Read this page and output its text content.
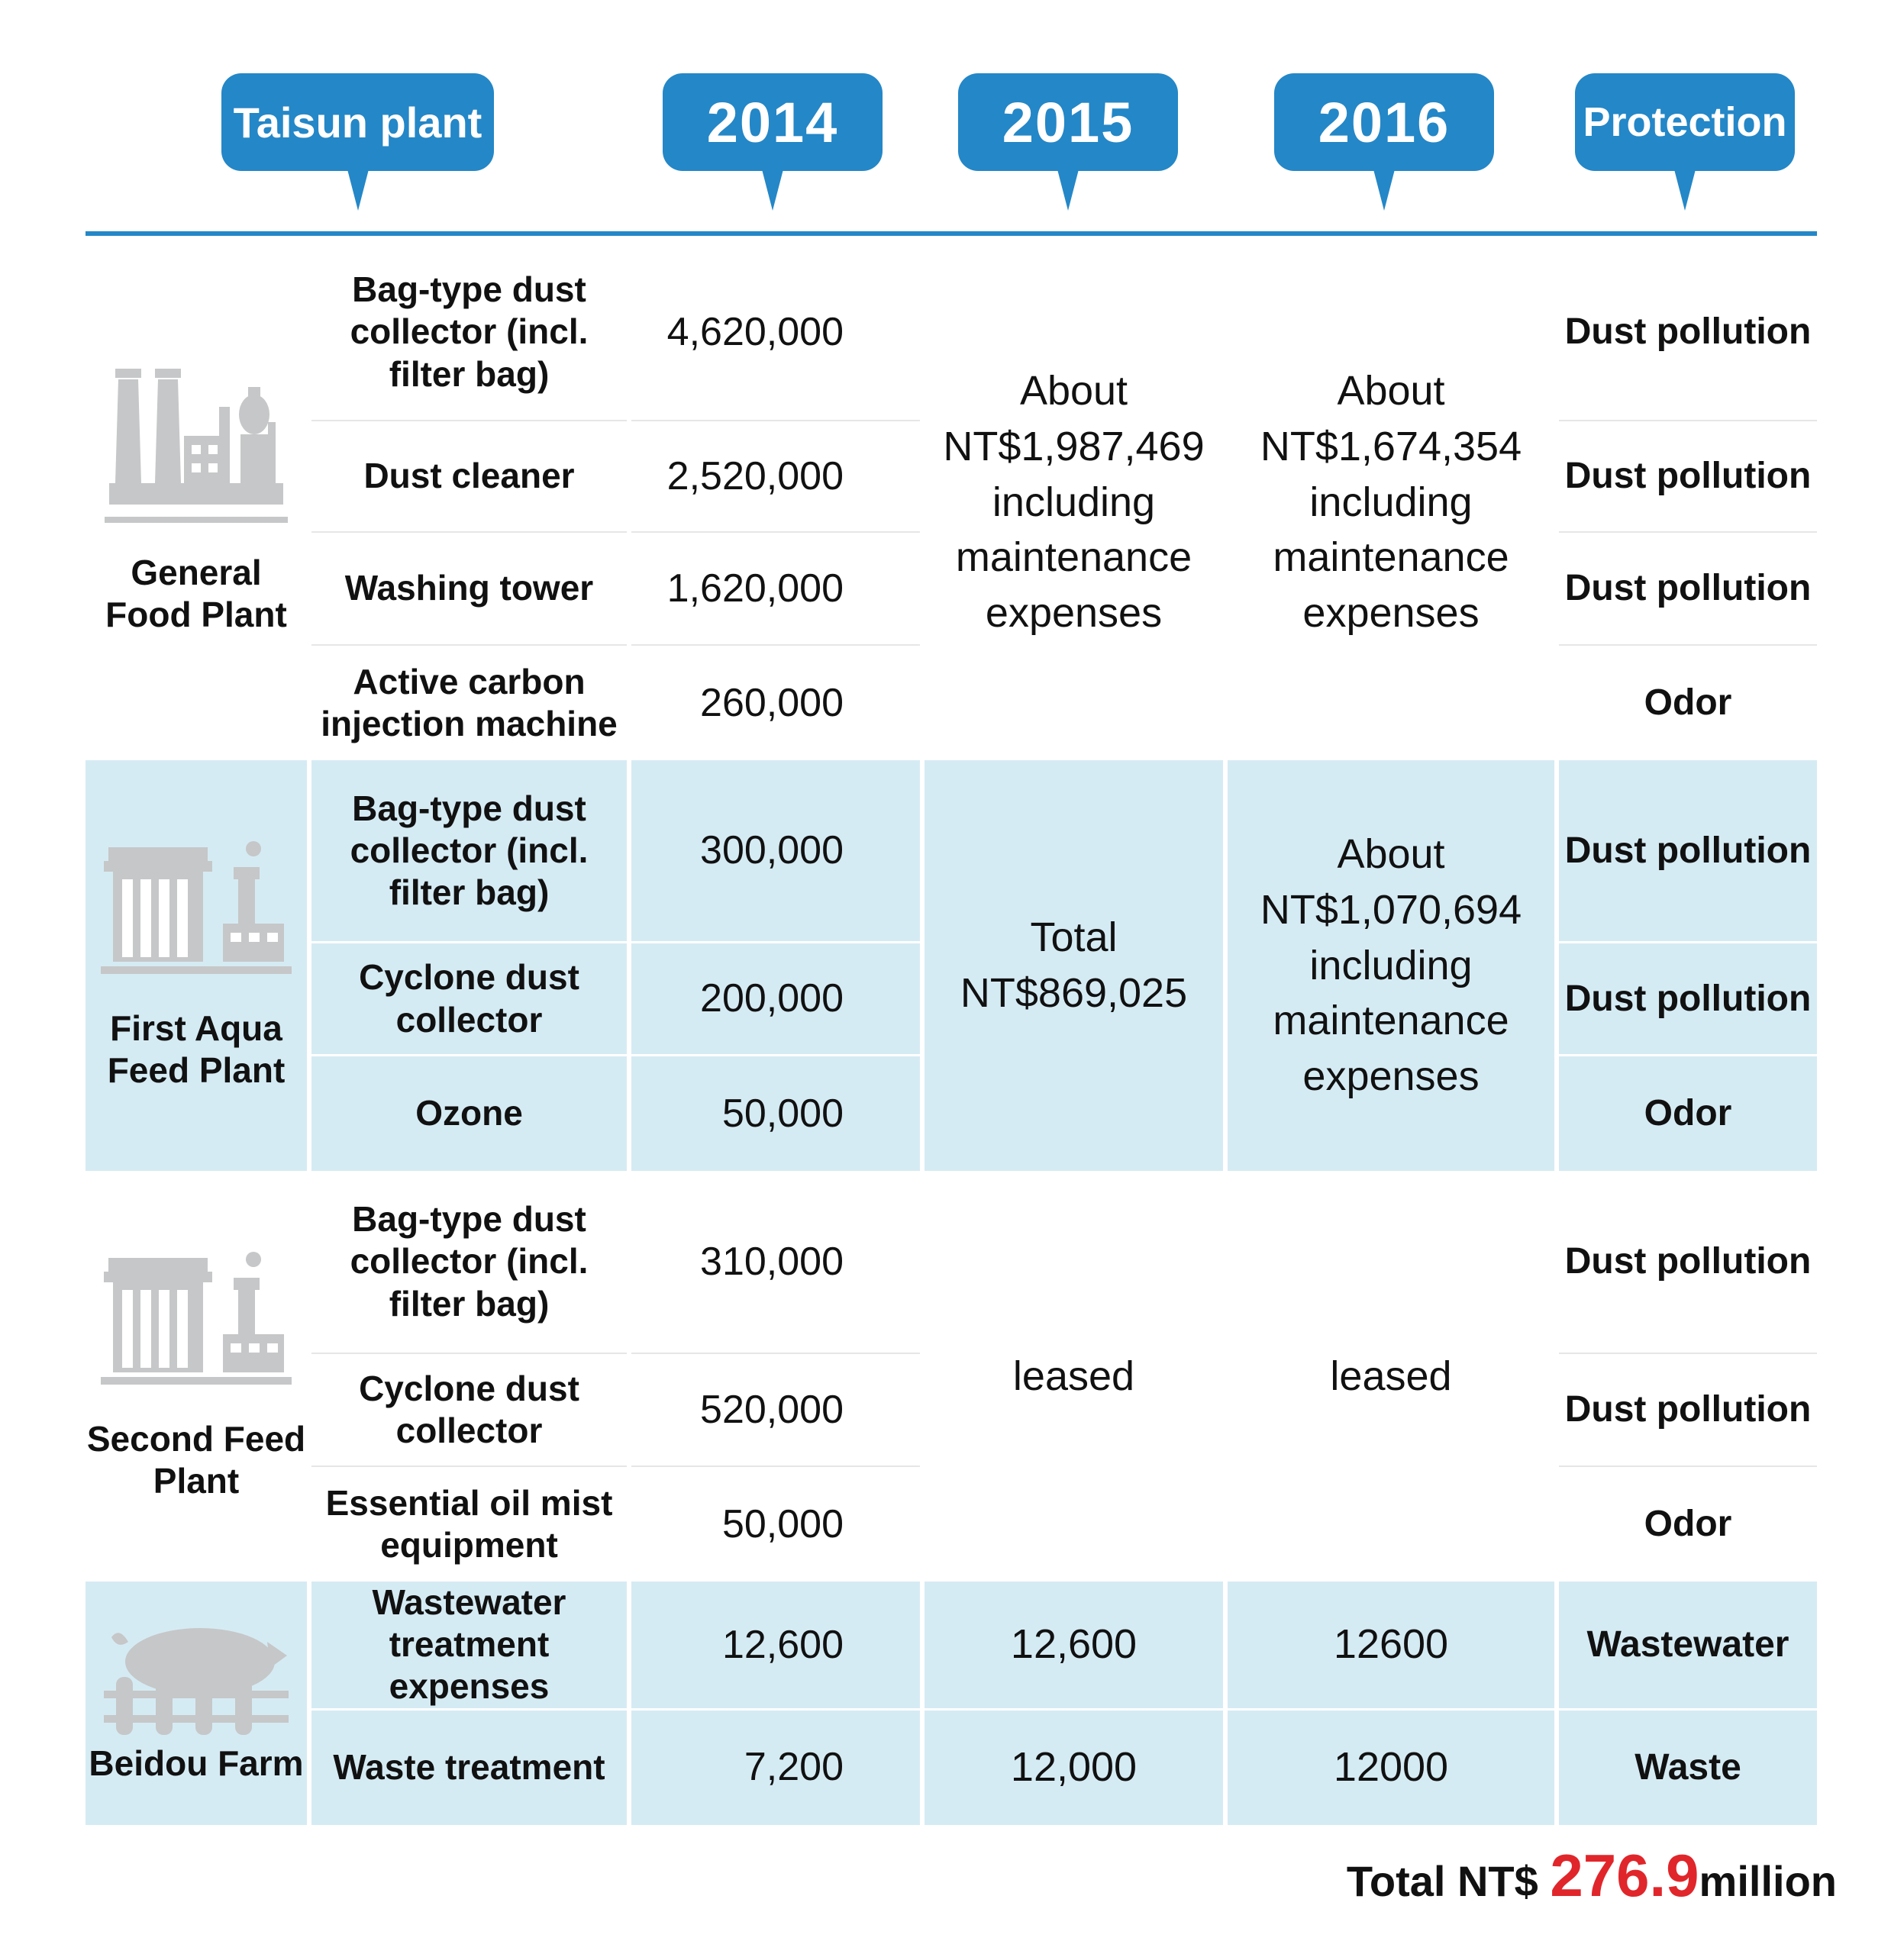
Taisun plant	2014	2015	2016	Protection
General Food Plant	Bag-type dust collector (incl. filter bag)	4,620,000	About NT$1,987,469 including maintenance expenses	About NT$1,674,354 including maintenance expenses	Dust pollution
	Dust cleaner	2,520,000			Dust pollution
	Washing tower	1,620,000			Dust pollution
	Active carbon injection machine	260,000			Odor

First Aqua Feed Plant	Bag-type dust collector (incl. filter bag)	300,000	Total NT$869,025	About NT$1,070,694 including maintenance expenses	Dust pollution
	Cyclone dust collector	200,000			Dust pollution
	Ozone	50,000			Odor

Second Feed Plant	Bag-type dust collector (incl. filter bag)	310,000	leased	leased	Dust pollution
	Cyclone dust collector	520,000			Dust pollution
	Essential oil mist equipment	50,000			Odor

Beidou Farm	Wastewater treatment expenses	12,600	12,600	12600	Wastewater
	Waste treatment	7,200	12,000	12000	Waste
Total NT$ 276.9million
